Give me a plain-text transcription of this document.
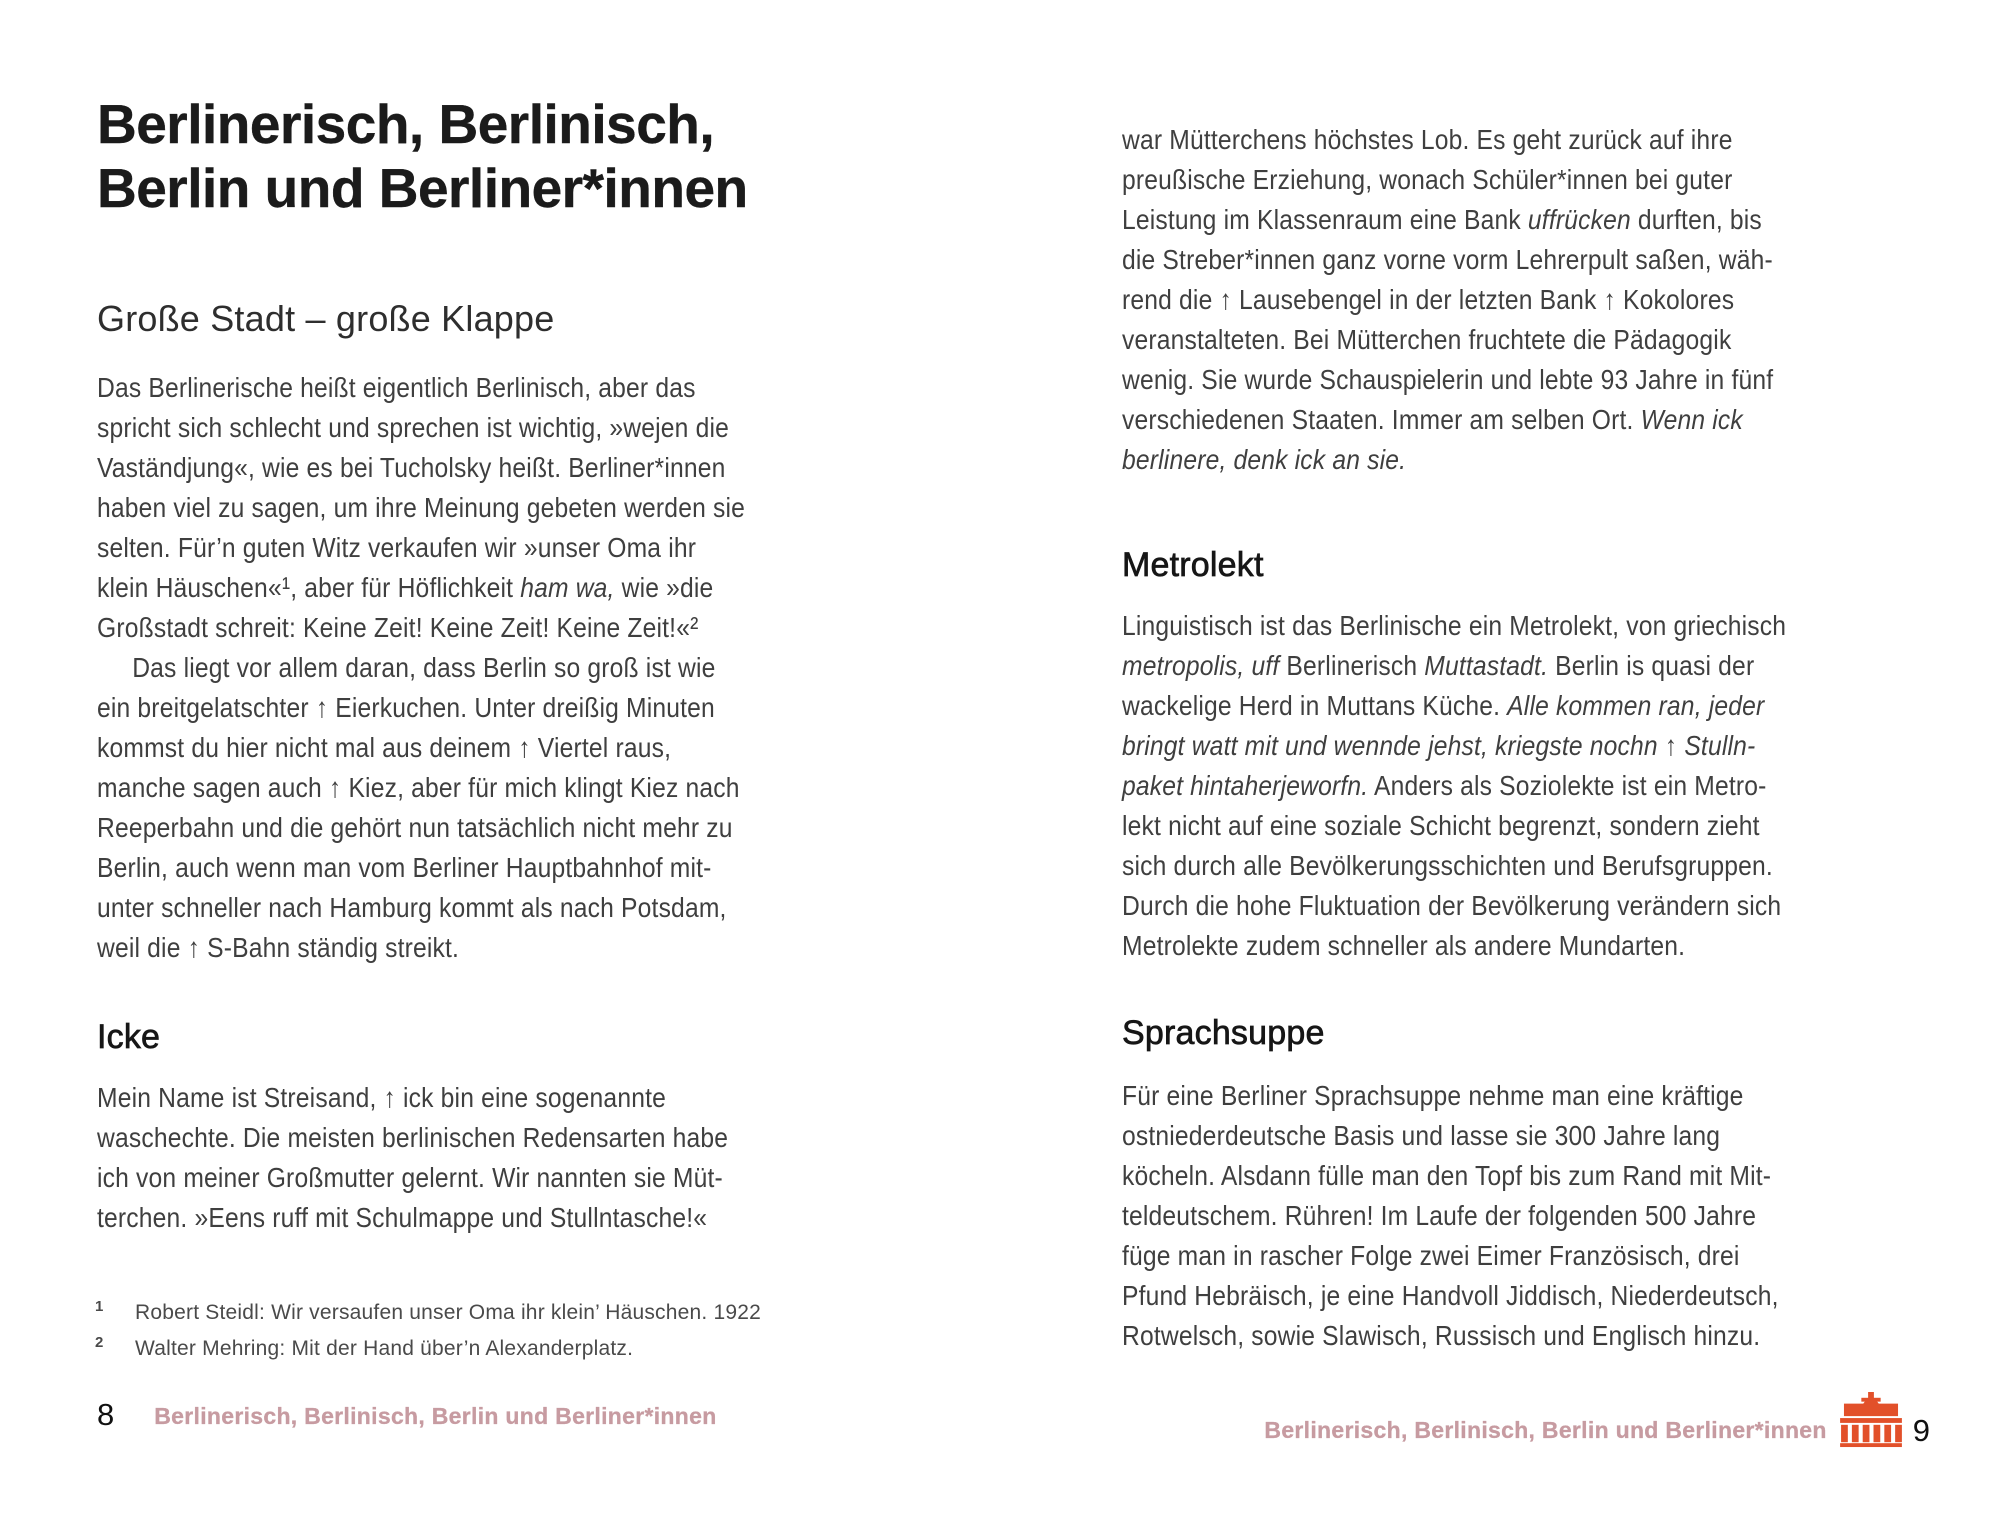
Berlinerisch, Berlinisch,
Berlin und Berliner*innen
Große Stadt – große Klappe
Das Berlinerische heißt eigentlich Berlinisch, aber das
spricht sich schlecht und sprechen ist wichtig, »wejen die
Vaständjung«, wie es bei Tucholsky heißt. Berliner*innen
haben viel zu sagen, um ihre Meinung gebeten werden sie
selten. Für’n guten Witz verkaufen wir »unser Oma ihr
klein Häuschen«¹, aber für Höflichkeit ham wa, wie »die
Großstadt schreit: Keine Zeit! Keine Zeit! Keine Zeit!«²
Das liegt vor allem daran, dass Berlin so groß ist wie
ein breitgelatschter ↑ Eierkuchen. Unter dreißig Minuten
kommst du hier nicht mal aus deinem ↑ Viertel raus,
manche sagen auch ↑ Kiez, aber für mich klingt Kiez nach
Reeperbahn und die gehört nun tatsächlich nicht mehr zu
Berlin, auch wenn man vom Berliner Hauptbahnhof mit-
unter schneller nach Hamburg kommt als nach Potsdam,
weil die ↑ S-Bahn ständig streikt.
Icke
Mein Name ist Streisand, ↑ ick bin eine sogenannte
waschechte. Die meisten berlinischen Redensarten habe
ich von meiner Großmutter gelernt. Wir nannten sie Müt-
terchen. »Eens ruff mit Schulmappe und Stullntasche!«
1 Robert Steidl: Wir versaufen unser Oma ihr klein’ Häuschen. 1922
2 Walter Mehring: Mit der Hand über’n Alexanderplatz.
8 Berlinerisch, Berlinisch, Berlin und Berliner*innen
war Mütterchens höchstes Lob. Es geht zurück auf ihre
preußische Erziehung, wonach Schüler*innen bei guter
Leistung im Klassenraum eine Bank uffrücken durften, bis
die Streber*innen ganz vorne vorm Lehrerpult saßen, wäh-
rend die ↑ Lausebengel in der letzten Bank ↑ Kokolores
veranstalteten. Bei Mütterchen fruchtete die Pädagogik
wenig. Sie wurde Schauspielerin und lebte 93 Jahre in fünf
verschiedenen Staaten. Immer am selben Ort. Wenn ick
berlinere, denk ick an sie.
Metrolekt
Linguistisch ist das Berlinische ein Metrolekt, von griechisch
metropolis, uff Berlinerisch Muttastadt. Berlin is quasi der
wackelige Herd in Muttans Küche. Alle kommen ran, jeder
bringt watt mit und wennde jehst, kriegste nochn ↑ Stulln-
paket hintaherjeworfn. Anders als Soziolekte ist ein Metro-
lekt nicht auf eine soziale Schicht begrenzt, sondern zieht
sich durch alle Bevölkerungsschichten und Berufsgruppen.
Durch die hohe Fluktuation der Bevölkerung verändern sich
Metrolekte zudem schneller als andere Mundarten.
Sprachsuppe
Für eine Berliner Sprachsuppe nehme man eine kräftige
ostniederdeutsche Basis und lasse sie 300 Jahre lang
köcheln. Alsdann fülle man den Topf bis zum Rand mit Mit-
teldeutschem. Rühren! Im Laufe der folgenden 500 Jahre
füge man in rascher Folge zwei Eimer Französisch, drei
Pfund Hebräisch, je eine Handvoll Jiddisch, Niederdeutsch,
Rotwelsch, sowie Slawisch, Russisch und Englisch hinzu.
Berlinerisch, Berlinisch, Berlin und Berliner*innen	9
